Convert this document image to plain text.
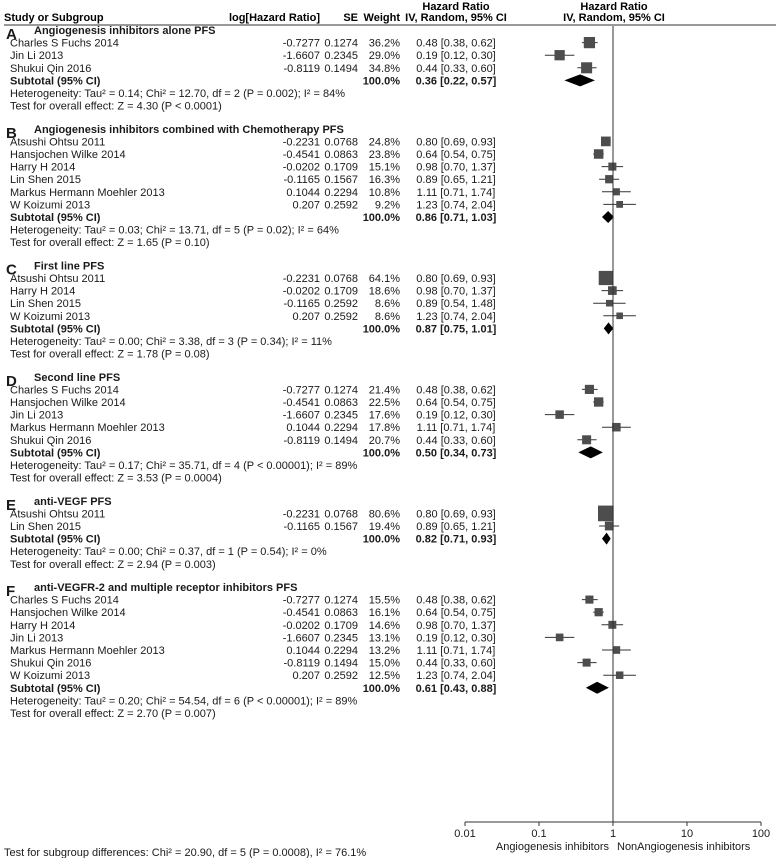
Study or Subgroup	log[Hazard Ratio] SE Weight
Hazard Ratio
IV, Random, 95% CI
Hazard Ratio
IV, Random, 95% CI
A Angiogenesis inhibitors alone PFS
Charles S Fuchs 2014	-0.7277 0.1274 36.2% 0.48 [0.38, 0.62]
Jin Li 2013	-1.6607 0.2345 29.0% 0.19 [0.12, 0.30]
Shukui Qin 2016	-0.8119 0.1494 34.8% 0.44 [0.33, 0.60]
Subtotal (95% CI)	100.0% 0.36 [0.22, 0.57]
Heterogeneity: Tau² = 0.14; Chi² = 12.70, df = 2 (P = 0.002); I² = 84%
Test for overall effect: Z = 4.30 (P < 0.0001)
B Angiogenesis inhibitors combined with Chemotherapy PFS
Atsushi Ohtsu 2011	-0.2231 0.0768 24.8% 0.80 [0.69, 0.93]
Hansjochen Wilke 2014	-0.4541 0.0863 23.8% 0.64 [0.54, 0.75]
Harry H 2014	-0.0202 0.1709 15.1% 0.98 [0.70, 1.37]
Lin Shen 2015	-0.1165 0.1567 16.3% 0.89 [0.65, 1.21]
Markus Hermann Moehler 2013	0.1044 0.2294 10.8% 1.11 [0.71, 1.74]
W Koizumi 2013	0.207 0.2592 9.2% 1.23 [0.74, 2.04]
Subtotal (95% CI)	100.0% 0.86 [0.71, 1.03]
Heterogeneity: Tau² = 0.03; Chi² = 13.71, df = 5 (P = 0.02); I² = 64%
Test for overall effect: Z = 1.65 (P = 0.10)
C First line PFS
Atsushi Ohtsu 2011	-0.2231 0.0768 64.1% 0.80 [0.69, 0.93]
Harry H 2014	-0.0202 0.1709 18.6% 0.98 [0.70, 1.37]
Lin Shen 2015	-0.1165 0.2592 8.6% 0.89 [0.54, 1.48]
W Koizumi 2013	0.207 0.2592 8.6% 1.23 [0.74, 2.04]
Subtotal (95% CI)	100.0% 0.87 [0.75, 1.01]
Heterogeneity: Tau² = 0.00; Chi² = 3.38, df = 3 (P = 0.34); I² = 11%
Test for overall effect: Z = 1.78 (P = 0.08)
D Second line PFS
Charles S Fuchs 2014	-0.7277 0.1274 21.4% 0.48 [0.38, 0.62]
Hansjochen Wilke 2014	-0.4541 0.0863 22.5% 0.64 [0.54, 0.75]
Jin Li 2013	-1.6607 0.2345 17.6% 0.19 [0.12, 0.30]
Markus Hermann Moehler 2013	0.1044 0.2294 17.8% 1.11 [0.71, 1.74]
Shukui Qin 2016	-0.8119 0.1494 20.7% 0.44 [0.33, 0.60]
Subtotal (95% CI)	100.0% 0.50 [0.34, 0.73]
Heterogeneity: Tau² = 0.17; Chi² = 35.71, df = 4 (P < 0.00001); I² = 89%
Test for overall effect: Z = 3.53 (P = 0.0004)
E anti-VEGF PFS
Atsushi Ohtsu 2011	-0.2231 0.0768 80.6% 0.80 [0.69, 0.93]
Lin Shen 2015	-0.1165 0.1567 19.4% 0.89 [0.65, 1.21]
Subtotal (95% CI)	100.0% 0.82 [0.71, 0.93]
Heterogeneity: Tau² = 0.00; Chi² = 0.37, df = 1 (P = 0.54); I² = 0%
Test for overall effect: Z = 2.94 (P = 0.003)
F anti-VEGFR-2 and multiple receptor inhibitors PFS
Charles S Fuchs 2014	-0.7277 0.1274 15.5% 0.48 [0.38, 0.62]
Hansjochen Wilke 2014	-0.4541 0.0863 16.1% 0.64 [0.54, 0.75]
Harry H 2014	-0.0202 0.1709 14.6% 0.98 [0.70, 1.37]
Jin Li 2013	-1.6607 0.2345 13.1% 0.19 [0.12, 0.30]
Markus Hermann Moehler 2013	0.1044 0.2294 13.2% 1.11 [0.71, 1.74]
Shukui Qin 2016	-0.8119 0.1494 15.0% 0.44 [0.33, 0.60]
W Koizumi 2013	0.207 0.2592 12.5% 1.23 [0.74, 2.04]
Subtotal (95% CI)	100.0% 0.61 [0.43, 0.88]
Heterogeneity: Tau² = 0.20; Chi² = 54.54, df = 6 (P < 0.00001); I² = 89%
Test for overall effect: Z = 2.70 (P = 0.007)
0.01	0.1	1	10	100
Angiogenesis inhibitors NonAngiogenesis inhibitors
Test for subgroup differences: Chi² = 20.90, df = 5 (P = 0.0008), I² = 76.1%
